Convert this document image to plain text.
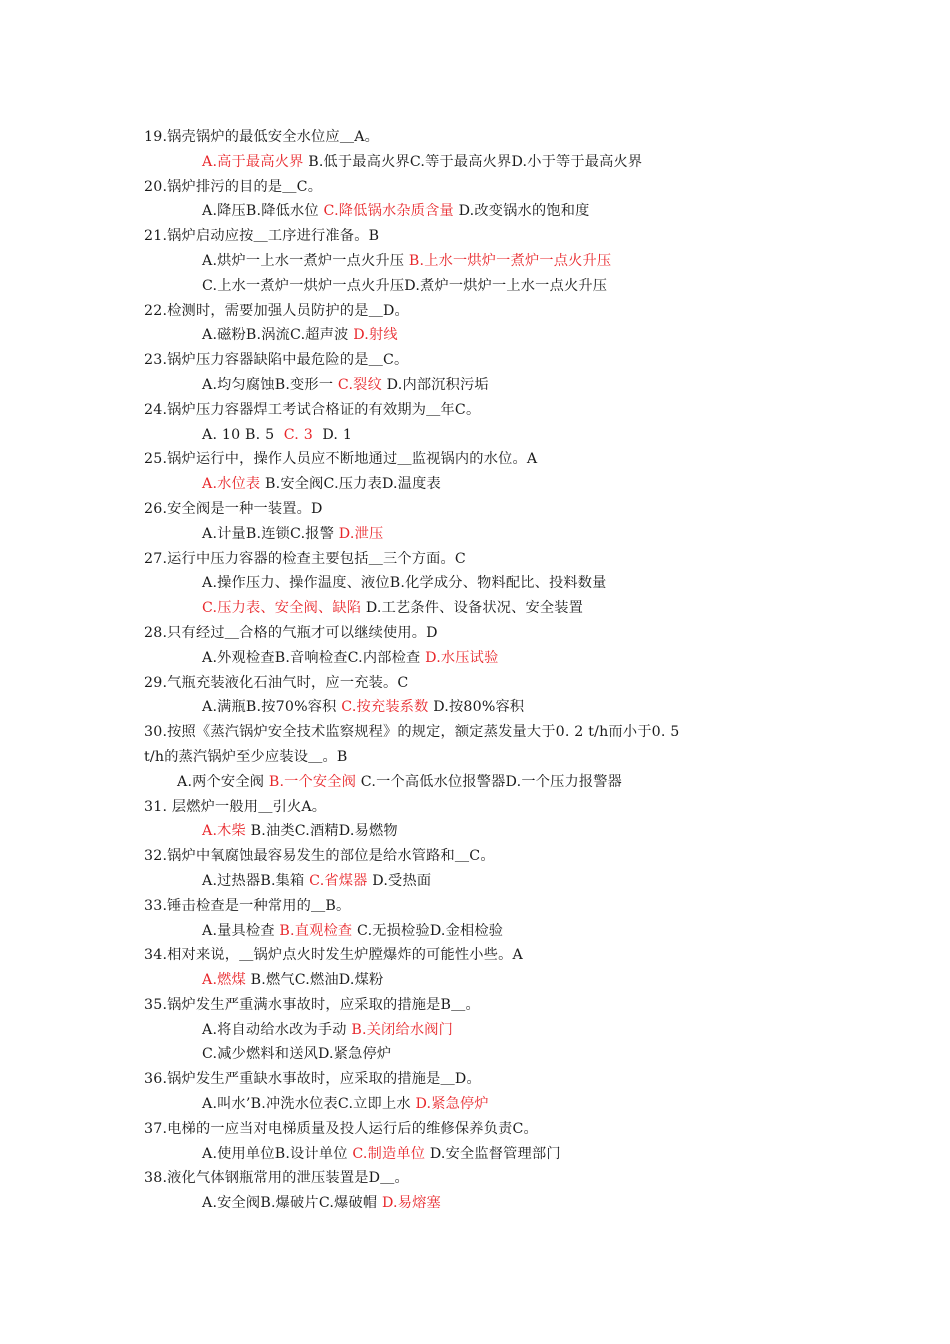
19.锅壳锅炉的最低安全水位应＿A。
A.高于最高火界 B.低于最高火界C.等于最高火界D.小于等于最高火界
20.锅炉排污的目的是＿C。
A.降压B.降低水位 C.降低锅水杂质含量 D.改变锅水的饱和度
21.锅炉启动应按＿工序进行准备。B
A.烘炉一上水一煮炉一点火升压 B.上水一烘炉一煮炉一点火升压
C.上水一煮炉一烘炉一点火升压D.煮炉一烘炉一上水一点火升压
22.检测时，需要加强人员防护的是＿D。
A.磁粉B.涡流C.超声波 D.射线
23.锅炉压力容器缺陷中最危险的是＿C。
A.均匀腐蚀B.变形一 C.裂纹 D.内部沉积污垢
24.锅炉压力容器焊工考试合格证的有效期为＿年C。
A. 10 B. 5  C. 3  D. 1
25.锅炉运行中，操作人员应不断地通过＿监视锅内的水位。A
A.水位表 B.安全阀C.压力表D.温度表
26.安全阀是一种一装置。D
A.计量B.连锁C.报警 D.泄压
27.运行中压力容器的检查主要包括＿三个方面。C
A.操作压力、操作温度、液位B.化学成分、物料配比、投料数量
C.压力表、安全阀、缺陷 D.工艺条件、设备状况、安全装置
28.只有经过＿合格的气瓶才可以继续使用。D
A.外观检查B.音响检查C.内部检查 D.水压试验
29.气瓶充装液化石油气时，应一充装。C
A.满瓶B.按70%容积 C.按充装系数 D.按80%容积
30.按照《蒸汽锅炉安全技术监察规程》的规定，额定蒸发量大于0. 2 t/h而小于0. 5
t/h的蒸汽锅炉至少应装设＿。B
A.两个安全阀 B.一个安全阀 C.一个高低水位报警器D.一个压力报警器
31. 层燃炉一般用＿引火A。
A.木柴 B.油类C.酒精D.易燃物
32.锅炉中氧腐蚀最容易发生的部位是给水管路和＿C。
A.过热器B.集箱 C.省煤器 D.受热面
33.锤击检查是一种常用的＿B。
A.量具检查 B.直观检查 C.无损检验D.金相检验
34.相对来说，＿锅炉点火时发生炉膛爆炸的可能性小些。A
A.燃煤 B.燃气C.燃油D.煤粉
35.锅炉发生严重满水事故时，应采取的措施是B＿。
A.将自动给水改为手动 B.关闭给水阀门
C.减少燃料和送风D.紧急停炉
36.锅炉发生严重缺水事故时，应采取的措施是＿D。
A.叫水’B.冲洗水位表C.立即上水 D.紧急停炉
37.电梯的一应当对电梯质量及投人运行后的维修保养负责C。
A.使用单位B.设计单位 C.制造单位 D.安全监督管理部门
38.液化气体钢瓶常用的泄压装置是D＿。
A.安全阀B.爆破片C.爆破帽 D.易熔塞
